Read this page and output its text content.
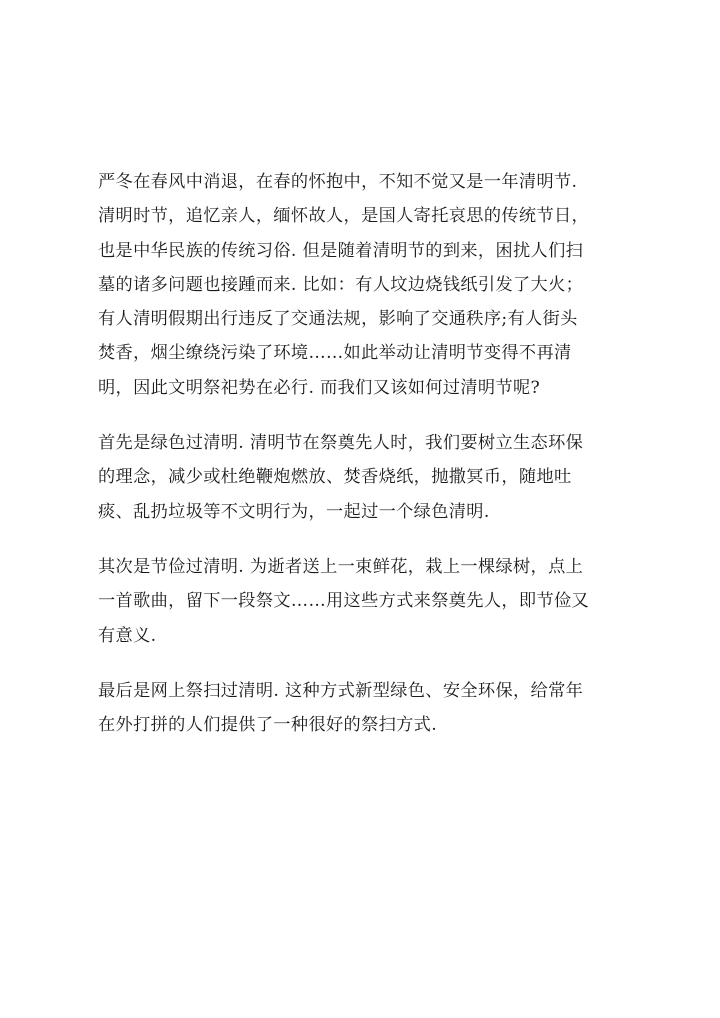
严冬在春风中消退，在春的怀抱中，不知不觉又是一年清明节.
清明时节，追忆亲人，缅怀故人，是国人寄托哀思的传统节日，
也是中华民族的传统习俗. 但是随着清明节的到来，困扰人们扫
墓的诸多问题也接踵而来. 比如：有人坟边烧钱纸引发了大火；
有人清明假期出行违反了交通法规，影响了交通秩序;有人街头
焚香，烟尘缭绕污染了环境……如此举动让清明节变得不再清
明，因此文明祭祀势在必行. 而我们又该如何过清明节呢?

首先是绿色过清明. 清明节在祭奠先人时，我们要树立生态环保
的理念，减少或杜绝鞭炮燃放、焚香烧纸，抛撒冥币，随地吐
痰、乱扔垃圾等不文明行为，一起过一个绿色清明.

其次是节俭过清明. 为逝者送上一束鲜花，栽上一棵绿树，点上
一首歌曲，留下一段祭文……用这些方式来祭奠先人，即节俭又
有意义.

最后是网上祭扫过清明. 这种方式新型绿色、安全环保，给常年
在外打拼的人们提供了一种很好的祭扫方式.
